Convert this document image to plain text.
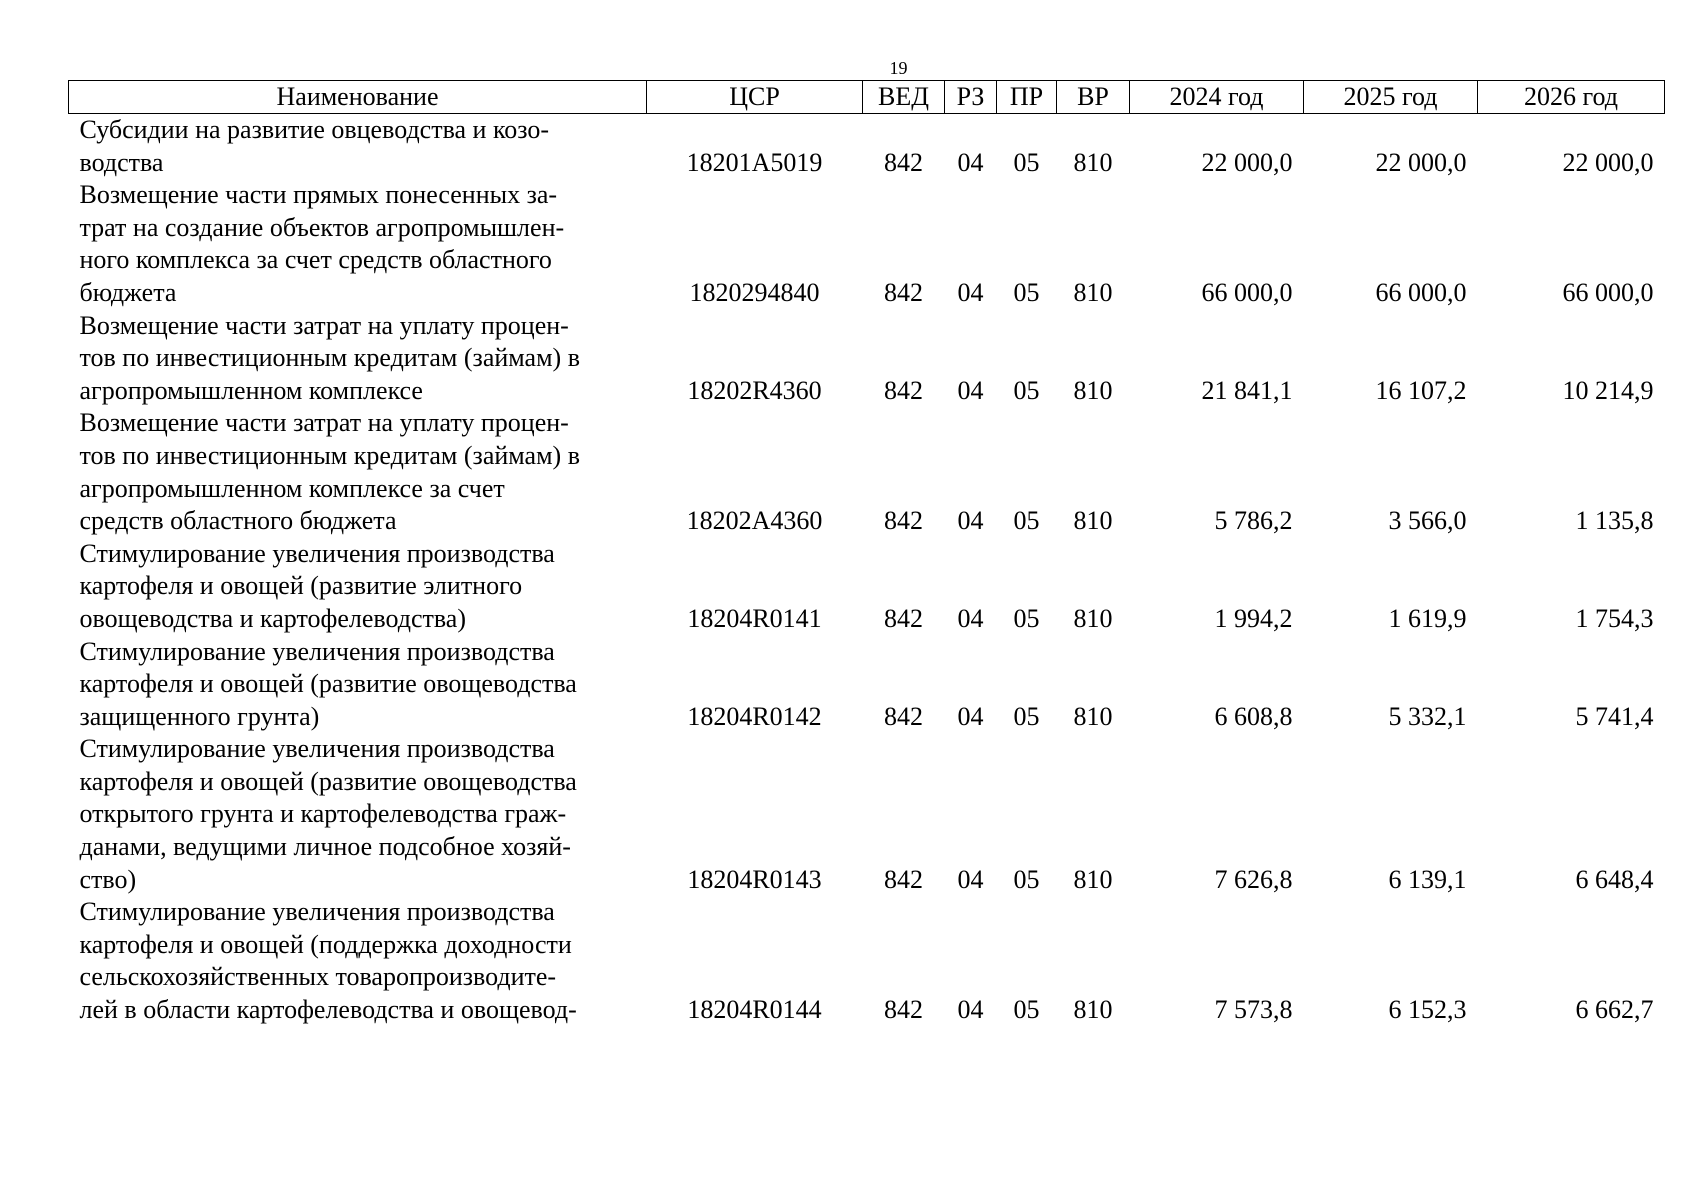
19
Наименование	ЦСР	ВЕД	РЗ	ПР	ВР	2024 год	2025 год	2026 год

Субсидии на развитие овцеводства и козо-
водства	18201А5019	842	04	05	810	22 000,0	22 000,0	22 000,0

Возмещение части прямых понесенных за-
трат на создание объектов агропромышлен-
ного комплекса за счет средств областного
бюджета	1820294840	842	04	05	810	66 000,0	66 000,0	66 000,0

Возмещение части затрат на уплату процен-
тов по инвестиционным кредитам (займам) в
агропромышленном комплексе	18202R4360	842	04	05	810	21 841,1	16 107,2	10 214,9

Возмещение части затрат на уплату процен-
тов по инвестиционным кредитам (займам) в
агропромышленном комплексе за счет
средств областного бюджета	18202А4360	842	04	05	810	5 786,2	3 566,0	1 135,8

Стимулирование увеличения производства
картофеля и овощей (развитие элитного
овощеводства и картофелеводства)	18204R0141	842	04	05	810	1 994,2	1 619,9	1 754,3

Стимулирование увеличения производства
картофеля и овощей (развитие овощеводства
защищенного грунта)	18204R0142	842	04	05	810	6 608,8	5 332,1	5 741,4

Стимулирование увеличения производства
картофеля и овощей (развитие овощеводства
открытого грунта и картофелеводства граж-
данами, ведущими личное подсобное хозяй-
ство)	18204R0143	842	04	05	810	7 626,8	6 139,1	6 648,4

Стимулирование увеличения производства
картофеля и овощей (поддержка доходности
сельскохозяйственных товаропроизводите-
лей в области картофелеводства и овощевод-	18204R0144	842	04	05	810	7 573,8	6 152,3	6 662,7
